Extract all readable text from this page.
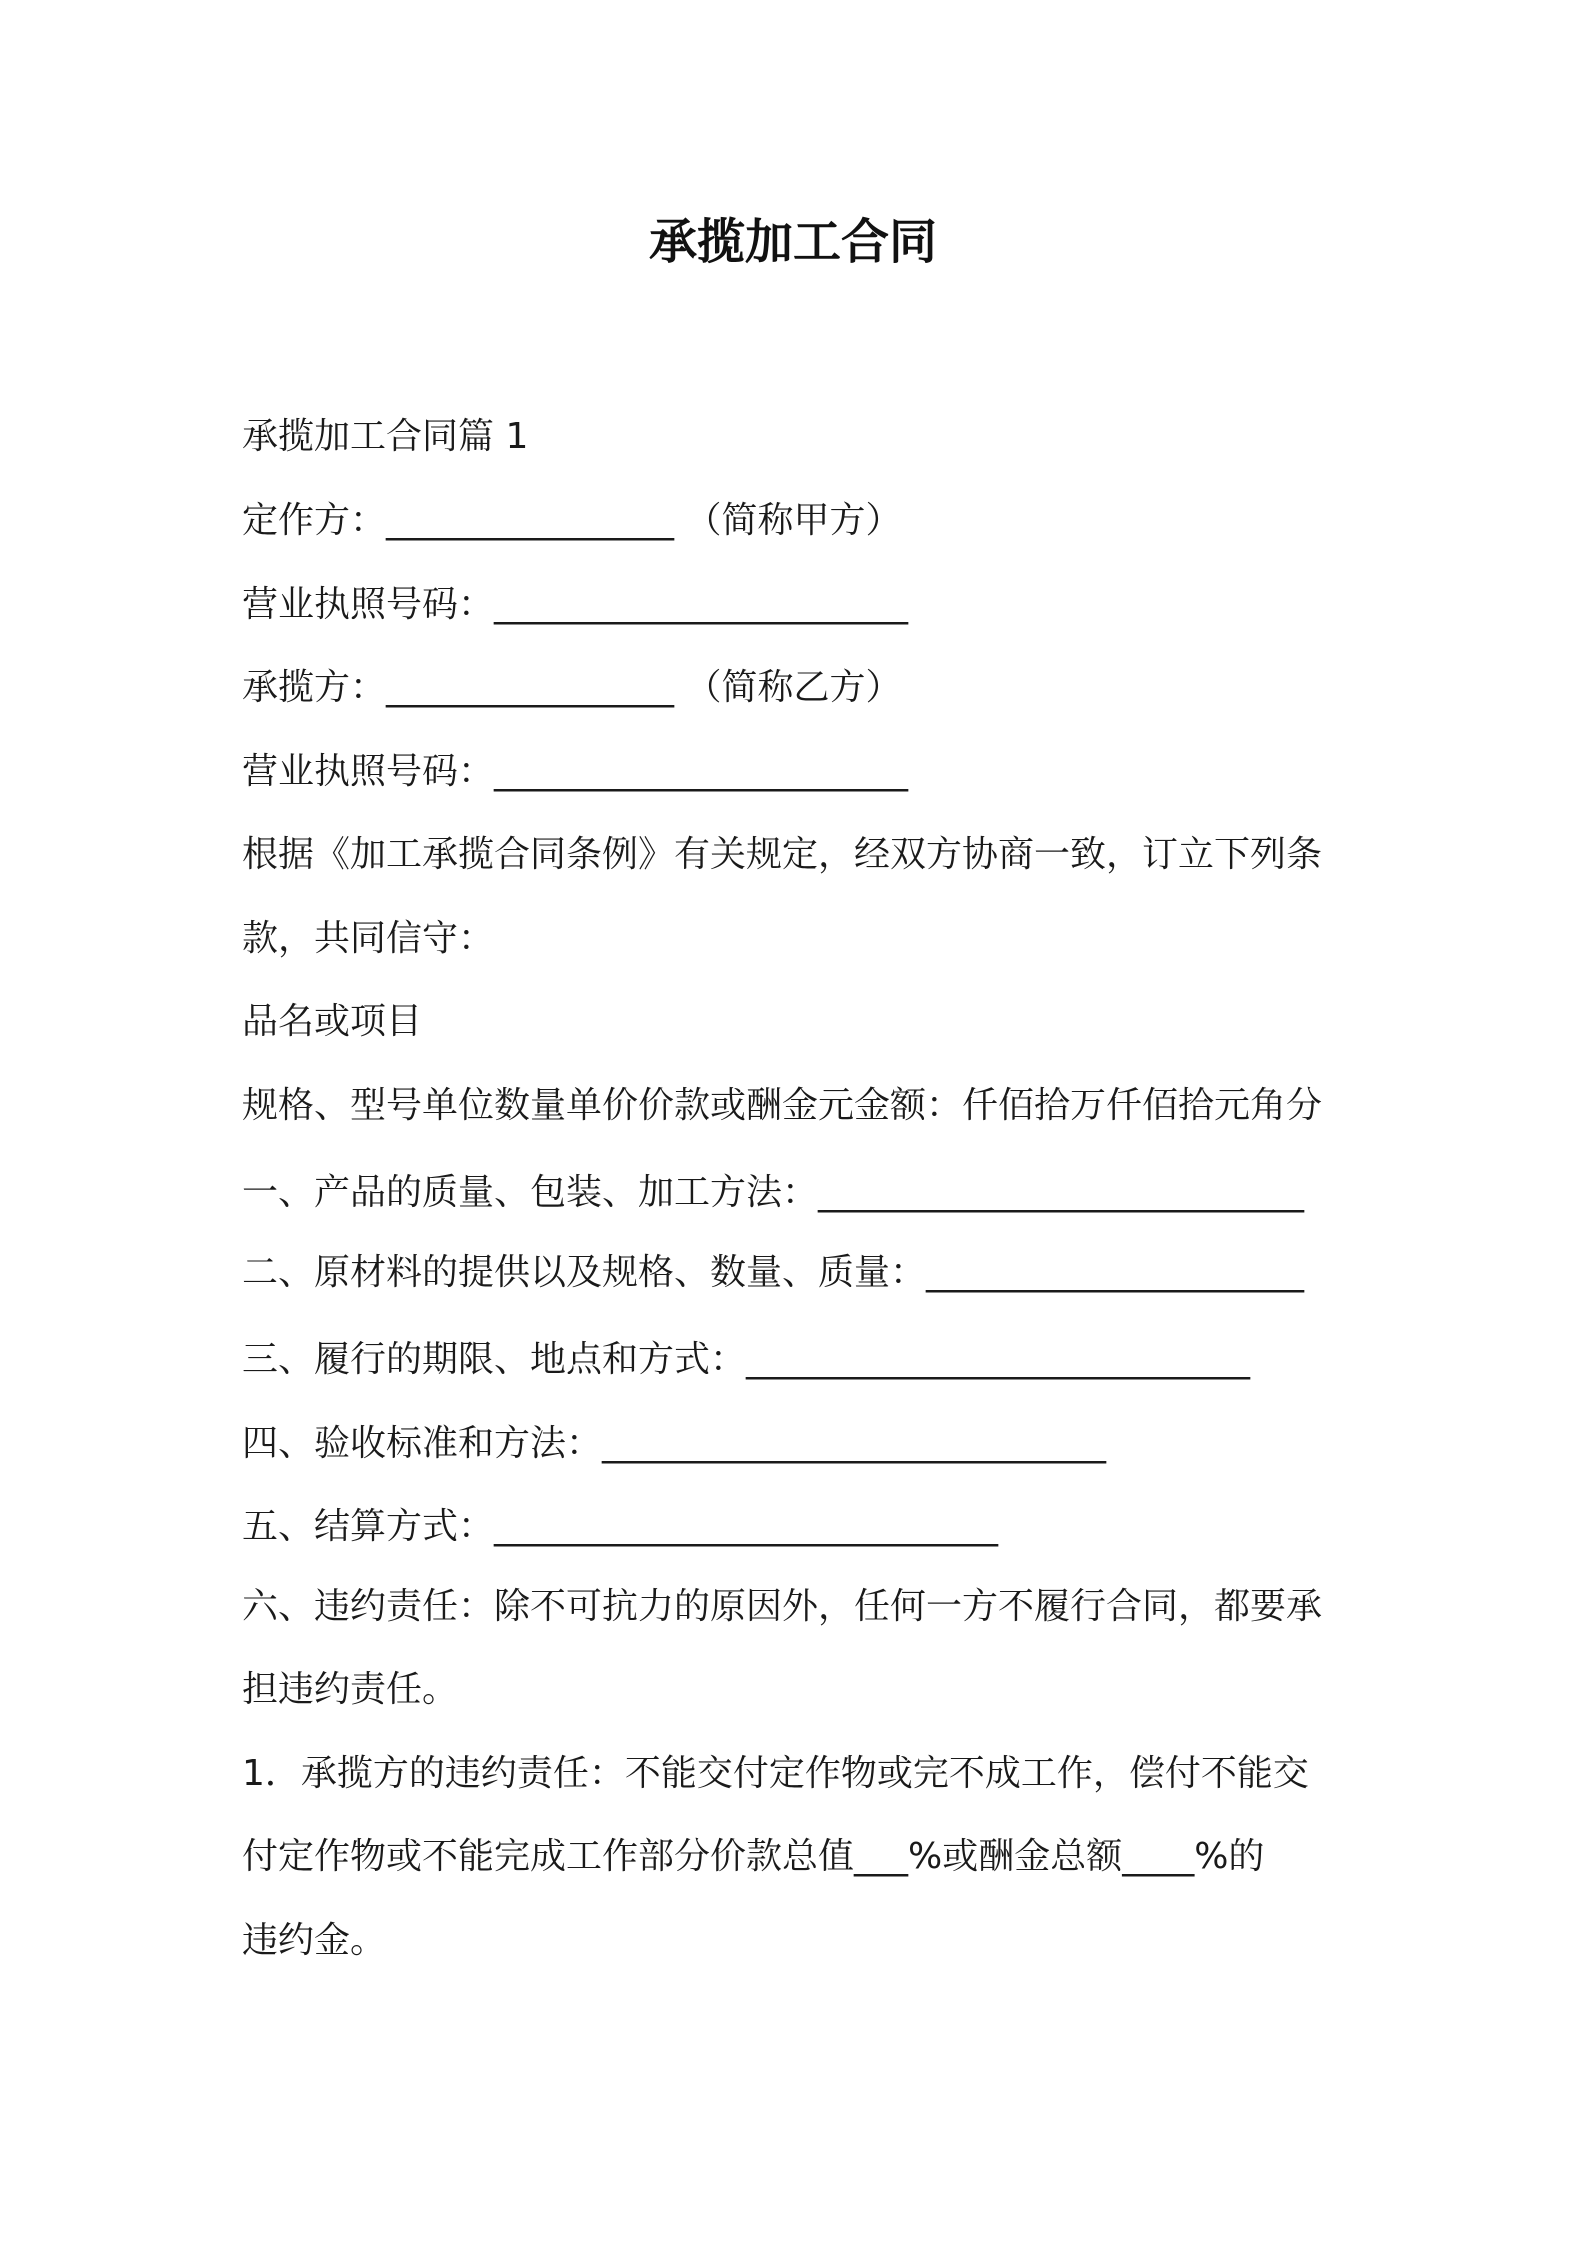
承揽加工合同
承揽加工合同篇 1
定作方：________________ （简称甲方）
营业执照号码：_______________________
承揽方：________________ （简称乙方）
营业执照号码：_______________________
根据《加工承揽合同条例》有关规定，经双方协商一致，订立下列条
款，共同信守：
品名或项目
规格、型号单位数量单价价款或酬金元金额：仟佰拾万仟佰拾元角分
一、产品的质量、包装、加工方法：___________________________
二、原材料的提供以及规格、数量、质量：_____________________
三、履行的期限、地点和方式：____________________________
四、验收标准和方法：____________________________
五、结算方式：____________________________
六、违约责任：除不可抗力的原因外，任何一方不履行合同，都要承
担违约责任。
1．承揽方的违约责任：不能交付定作物或完不成工作，偿付不能交
付定作物或不能完成工作部分价款总值___%或酬金总额____%的
违约金。
